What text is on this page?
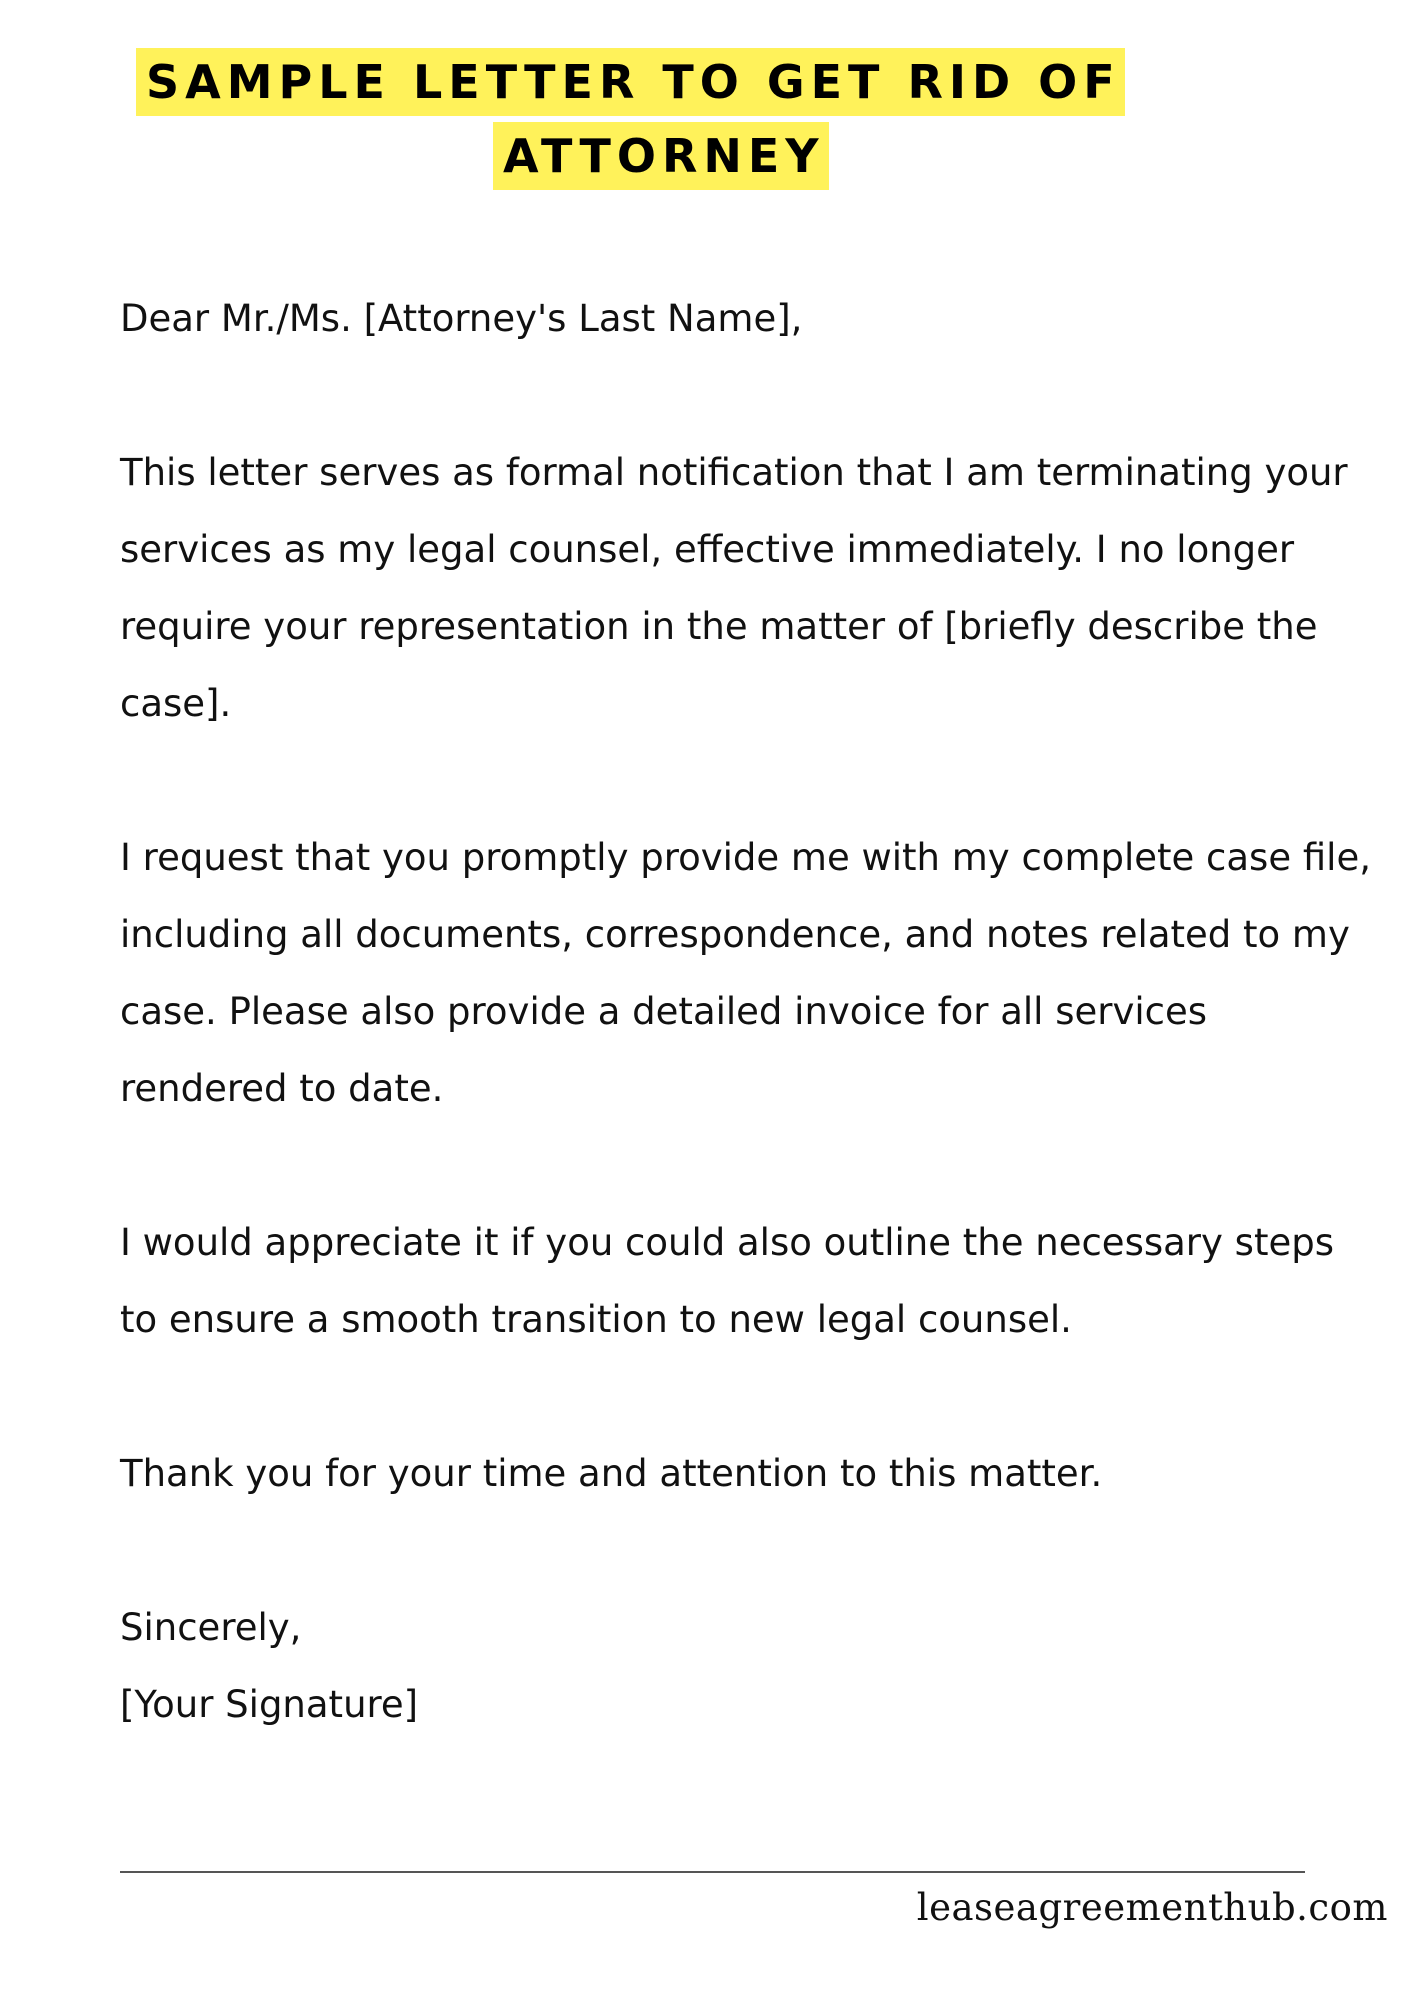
SAMPLE LETTER TO GET RID OF
ATTORNEY

Dear Mr./Ms. [Attorney's Last Name],

This letter serves as formal notification that I am terminating your services as my legal counsel, effective immediately. I no longer require your representation in the matter of [briefly describe the case].

I request that you promptly provide me with my complete case file, including all documents, correspondence, and notes related to my case. Please also provide a detailed invoice for all services rendered to date.

I would appreciate it if you could also outline the necessary steps to ensure a smooth transition to new legal counsel.

Thank you for your time and attention to this matter.

Sincerely,
[Your Signature]
leaseagreementhub.com
